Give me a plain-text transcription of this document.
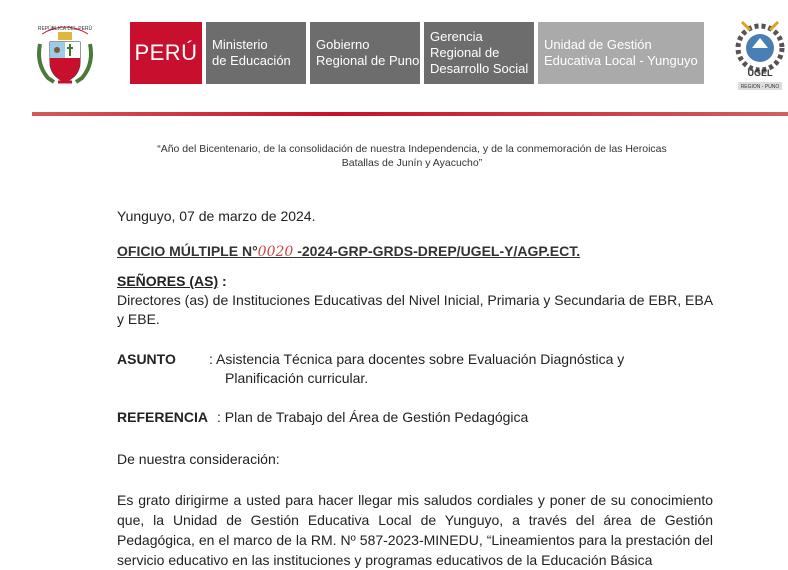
REPÚBLICA DEL PERÚ
PERÚ	Ministerio
de Educación
Gobierno
Regional de Puno
Gerencia
Regional de
Desarrollo Social
Unidad de Gestión
Educativa Local - Yunguyo
UGEL
REGION - PUNO
“Año del Bicentenario, de la consolidación de nuestra Independencia, y de la conmemoración de las Heroicas
Batallas de Junín y Ayacucho”
Yunguyo, 07 de marzo de 2024.
OFICIO MÚLTIPLE N°0020 -2024-GRP-GRDS-DREP/UGEL-Y/AGP.ECT.
SEÑORES (AS) :
Directores (as) de Instituciones Educativas del Nivel Inicial, Primaria y Secundaria de EBR, EBA y EBE.
ASUNTO : Asistencia Técnica para docentes sobre Evaluación Diagnóstica y
Planificación curricular.
REFERENCIA : Plan de Trabajo del Área de Gestión Pedagógica
De nuestra consideración:
Es grato dirigirme a usted para hacer llegar mis saludos cordiales y poner de su conocimiento que, la Unidad de Gestión Educativa Local de Yunguyo, a través del área de Gestión Pedagógica, en el marco de la RM. Nº 587-2023-MINEDU, “Lineamientos para la prestación del servicio educativo en las instituciones y programas educativos de la Educación Básica
